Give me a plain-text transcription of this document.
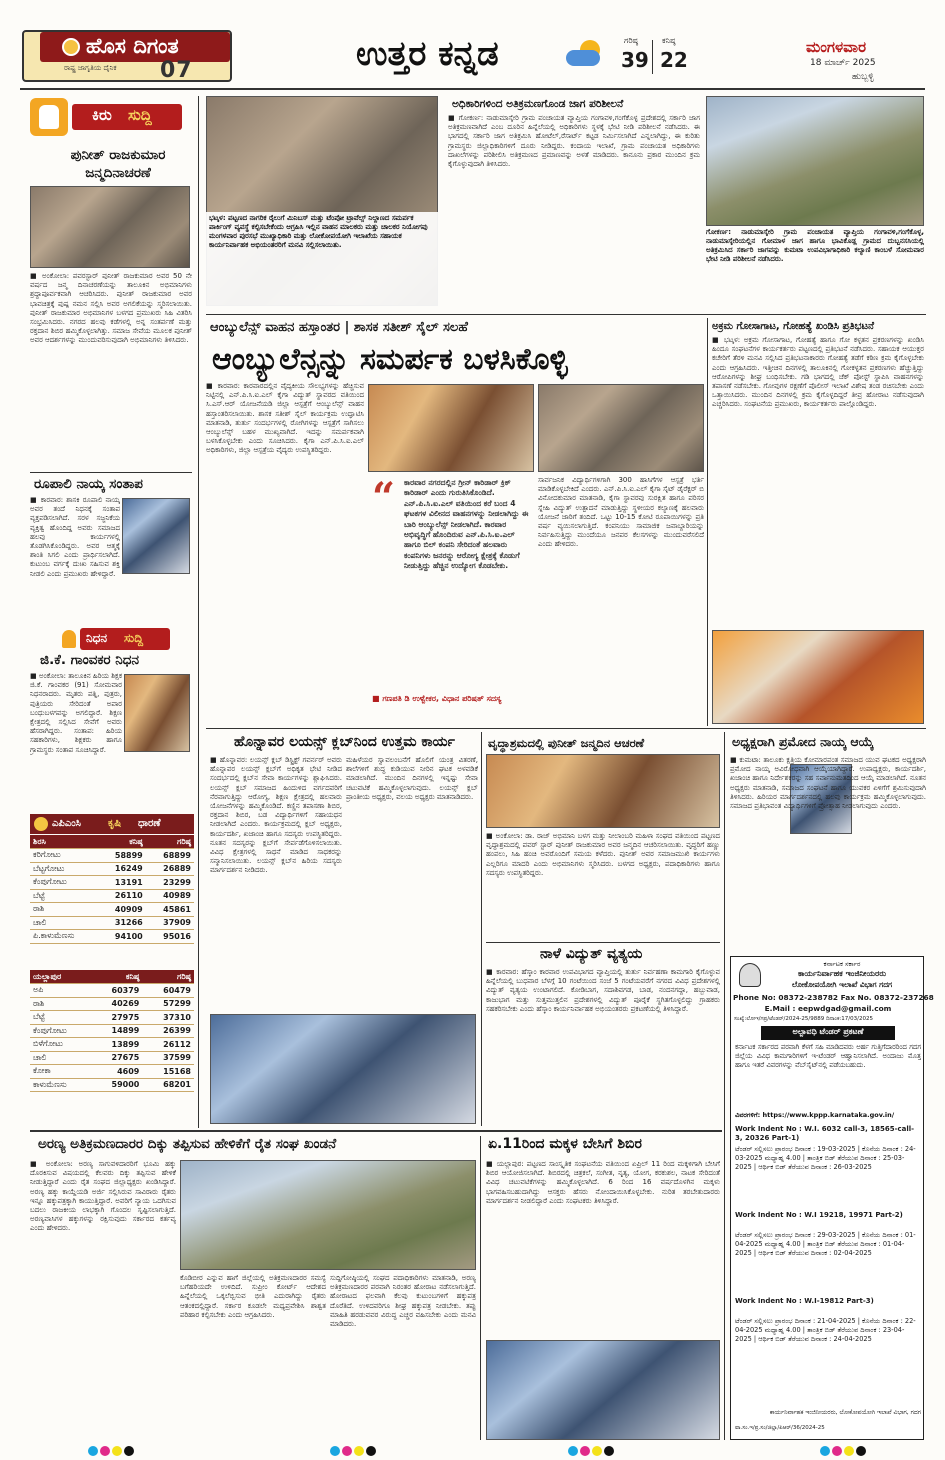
ಹೊಸ ದಿಗಂತ
ರಾಷ್ಟ್ರ ಜಾಗೃತಿಯ ದೈನಿಕ 07	ಉತ್ತರ ಕನ್ನಡ	ಗರಿಷ್ಠ
39
ಕನಿಷ್ಠ
22
ಮಂಗಳವಾರ
18 ಮಾರ್ಚ್ 2025
ಹುಬ್ಬಳ್ಳಿ
ಕಿರು ಸುದ್ದಿ
ಪುನೀತ್ ರಾಜಕುಮಾರ ಜನ್ಮದಿನಾಚರಣೆ
■ ಅಂಕೋಲಾ: ಪವರಸ್ಟಾರ್ ಪುನೀತ್ ರಾಜಕುಮಾರ ಅವರ 50 ನೇ ವರ್ಷದ ಜನ್ಮ ದಿನಾಚರಣೆಯನ್ನು ತಾಲೂಕಿನ ಅಭಿಮಾನಿಗಳು ಶ್ರದ್ಧಾಪೂರ್ವಕವಾಗಿ ಆಚರಿಸಿದರು. ಪುನೀತ್ ರಾಜಕುಮಾರ ಅವರ ಭಾವಚಿತ್ರಕ್ಕೆ ಪುಷ್ಪ ನಮನ ಸಲ್ಲಿಸಿ ಅವರ ಅಗಲಿಕೆಯನ್ನು ಸ್ಮರಿಸಲಾಯಿತು. ಪುನೀತ್ ರಾಜಕುಮಾರ ಅಭಿಮಾನಿಗಳ ಬಳಗದ ಪ್ರಮುಖರು ಸಿಹಿ ವಿತರಿಸಿ ಸಂಭ್ರಮಿಸಿದರು. ನಗರದ ಹಲವು ಕಡೆಗಳಲ್ಲಿ ಅನ್ನ ಸಂತರ್ಪಣೆ ಮತ್ತು ರಕ್ತದಾನ ಶಿಬಿರ ಹಮ್ಮಿಕೊಳ್ಳಲಾಗಿತ್ತು. ಸಮಾಜ ಸೇವೆಯ ಮೂಲಕ ಪುನೀತ್ ಅವರ ಆದರ್ಶಗಳನ್ನು ಮುಂದುವರಿಸುವುದಾಗಿ ಅಭಿಮಾನಿಗಳು ತಿಳಿಸಿದರು.
ರೂಪಾಲಿ ನಾಯ್ಕ ಸಂತಾಪ
■ ಕಾರವಾರ: ಶಾಸಕಿ ರೂಪಾಲಿ ನಾಯ್ಕ ಅವರ ತಂದೆ ನಿಧನಕ್ಕೆ ಸಂತಾಪ ವ್ಯಕ್ತಪಡಿಸಲಾಗಿದೆ. ಸರಳ ಸಜ್ಜನಿಕೆಯ ವ್ಯಕ್ತಿತ್ವ ಹೊಂದಿದ್ದ ಅವರು ಸಮಾಜದ ಹಲವು ಕಾರ್ಯಗಳಲ್ಲಿ ತೊಡಗಿಸಿಕೊಂಡಿದ್ದರು. ಅವರ ಆತ್ಮಕ್ಕೆ ಶಾಂತಿ ಸಿಗಲಿ ಎಂದು ಪ್ರಾರ್ಥಿಸಲಾಗಿದೆ. ಕುಟುಂಬ ವರ್ಗಕ್ಕೆ ದುಃಖ ಸಹಿಸುವ ಶಕ್ತಿ ನೀಡಲಿ ಎಂದು ಪ್ರಮುಖರು ಹೇಳಿದ್ದಾರೆ.
ನಿಧನ ಸುದ್ದಿ
ಜಿ.ಕೆ. ಗಾಂವಕರ ನಿಧನ
■ ಅಂಕೋಲಾ: ತಾಲೂಕಿನ ಹಿರಿಯ ಶಿಕ್ಷಕ ಜಿ.ಕೆ. ಗಾಂವಕರ (91) ಸೋಮವಾರ ನಿಧನರಾದರು. ಮೃತರು ಪತ್ನಿ, ಪುತ್ರರು, ಪುತ್ರಿಯರು ಸೇರಿದಂತೆ ಅಪಾರ ಬಂಧುಬಳಗವನ್ನು ಅಗಲಿದ್ದಾರೆ. ಶಿಕ್ಷಣ ಕ್ಷೇತ್ರದಲ್ಲಿ ಸಲ್ಲಿಸಿದ ಸೇವೆಗೆ ಅವರು ಹೆಸರಾಗಿದ್ದರು. ಸಂತಾಪ: ಹಿರಿಯ ಸಹಕಾರಿಗಳು, ಶಿಕ್ಷಕರು ಹಾಗೂ ಗ್ರಾಮಸ್ಥರು ಸಂತಾಪ ಸೂಚಿಸಿದ್ದಾರೆ.
ಎಪಿಎಂಸಿ	ಕೃಷಿ ಧಾರಣೆ
ಶಿರಸಿ	ಕನಿಷ್ಠ	ಗರಿಷ್ಠ
ಕರಿಗೋಟು	58899	68899
ಬೆಟ್ಟಗೋಟು	16249	26889
ಕೆಂಪುಗೋಟು	13191	23299
ಬೆಟ್ಟೆ	26110	40989
ರಾಶಿ	40909	45861
ಚಾಲಿ	31266	37909
ಪಿ.ಕಾಳುಮೆಣಸು	94100	95016
ಯಲ್ಲಾಪುರ	ಕನಿಷ್ಠ	ಗರಿಷ್ಠ
ಅಪಿ	60379	60479
ರಾಶಿ	40269	57299
ಬೆಟ್ಟೆ	27975	37310
ಕೆಂಪುಗೋಟು	14899	26399
ಬಿಳೆಗೋಟು	13899	26112
ಚಾಲಿ	27675	37599
ಕೋಕಾ	4609	15168
ಕಾಳುಮೆಣಸು	59000	68201
ಭಟ್ಕಳ: ಪಟ್ಟಣದ ನಾಗರಿಕ ರೈಲುಗೆ ಮಿನಿಬಸ್ ಮತ್ತು ಟೆಂಪೋ ಟ್ರಾವೆಲ್ಸ್ ನಿಲ್ದಾಣದ ಸಮರ್ಪಕ ಪಾರ್ಕಿಂಗ್ ವ್ಯವಸ್ಥೆ ಕಲ್ಪಿಸಬೇಕೆಂದು ಆಗ್ರಹಿಸಿ ಇಲ್ಲಿನ ವಾಹನ ಮಾಲಕರು ಮತ್ತು ಚಾಲಕರ ನಿಯೋಗವು ಮಂಗಳವಾರ ಪುರಸಭೆ ಮುಖ್ಯಾಧಿಕಾರಿ ಮತ್ತು ಲೋಕೋಪಯೋಗಿ ಇಲಾಖೆಯ ಸಹಾಯಕ ಕಾರ್ಯನಿರ್ವಾಹಕ ಅಭಿಯಂತರರಿಗೆ ಮನವಿ ಸಲ್ಲಿಸಲಾಯಿತು.
ಅಧಿಕಾರಿಗಳಿಂದ ಅತಿಕ್ರಮಣಗೊಂಡ ಜಾಗ ಪರಿಶೀಲನೆ
■ ಗೋಕರ್ಣ: ನಾಡುಮಾಸ್ಕೇರಿ ಗ್ರಾಮ ಪಂಚಾಯತ ವ್ಯಾಪ್ತಿಯ ಗಂಗಾವಳಿ,ಗಂಗೆಕೊಳ್ಳ ಪ್ರದೇಶದಲ್ಲಿ ಸರ್ಕಾರಿ ಜಾಗ ಅತಿಕ್ರಮಣವಾಗಿದೆ ಎಂಬ ದೂರಿನ ಹಿನ್ನೆಲೆಯಲ್ಲಿ ಅಧಿಕಾರಿಗಳು ಸ್ಥಳಕ್ಕೆ ಭೇಟಿ ನೀಡಿ ಪರಿಶೀಲನೆ ನಡೆಸಿದರು. ಈ ಭಾಗದಲ್ಲಿ ಸರ್ಕಾರಿ ಜಾಗ ಅತಿಕ್ರಮಿಸಿ ಹೋಟೆಲ್,ರೆಸಾರ್ಟ್ ಕಟ್ಟಡ ನಿರ್ಮಿಸಲಾಗಿದೆ ಎನ್ನಲಾಗಿದ್ದು, ಈ ಕುರಿತು ಗ್ರಾಮಸ್ಥರು ಜಿಲ್ಲಾಧಿಕಾರಿಗಳಿಗೆ ದೂರು ನೀಡಿದ್ದರು. ಕಂದಾಯ ಇಲಾಖೆ, ಗ್ರಾಮ ಪಂಚಾಯತ ಅಧಿಕಾರಿಗಳು ದಾಖಲೆಗಳನ್ನು ಪರಿಶೀಲಿಸಿ ಅತಿಕ್ರಮಣದ ಪ್ರಮಾಣವನ್ನು ಅಳತೆ ಮಾಡಿದರು. ಕಾನೂನು ಪ್ರಕಾರ ಮುಂದಿನ ಕ್ರಮ ಕೈಗೊಳ್ಳುವುದಾಗಿ ತಿಳಿಸಿದರು.
ಗೋಕರ್ಣ: ನಾಡುಮಾಸ್ಕೇರಿ ಗ್ರಾಮ ಪಂಚಾಯತ ವ್ಯಾಪ್ತಿಯ ಗಂಗಾವಳಿ,ಗಂಗೆಕೊಳ್ಳ, ನಾಡುಮಾಸ್ಕೇರಿಯಲ್ಲಿನ ಗೋಮಾಳ ಜಾಗ ಹಾಗೂ ಭಾವಿಕೊಡ್ಲ ಗ್ರಾಮದ ದುಬ್ಬನಸಸಿಯಲ್ಲಿ ಅತಿಕ್ರಮಿಸಿದ ಸರ್ಕಾರಿ ಜಾಗವನ್ನು ಕುಮಟಾ ಉಪವಿಭಾಗಾಧಿಕಾರಿ ಕಲ್ಯಾಣಿ ಕಾಂಬಳೆ ಸೋಮವಾರ ಭೇಟಿ ನೀಡಿ ಪರಿಶೀಲನೆ ನಡೆಸಿದರು.
ಆಂಬ್ಯುಲೆನ್ಸ್ ವಾಹನ ಹಸ್ತಾಂತರ | ಶಾಸಕ ಸತೀಶ್ ಸೈಲ್ ಸಲಹೆ
ಆಂಬ್ಯುಲೆನ್ಸನ್ನು ಸಮರ್ಪಕ ಬಳಸಿಕೊಳ್ಳಿ
■ ಕಾರವಾರ: ಕಾರವಾರದಲ್ಲಿನ ವೈದ್ಯಕೀಯ ಸೌಲಭ್ಯಗಳನ್ನು ಹೆಚ್ಚಿಸುವ ನಿಟ್ಟಿನಲ್ಲಿ ಎನ್.ಪಿ.ಸಿ.ಐ.ಎಲ್ ಕೈಗಾ ವಿದ್ಯುತ್ ಸ್ಥಾವರದ ವತಿಯಿಂದ ಸಿ.ಎಸ್.ಆರ್ ಯೋಜನೆಯಡಿ ಜಿಲ್ಲಾ ಆಸ್ಪತ್ರೆಗೆ ಆಂಬ್ಯುಲೆನ್ಸ್ ವಾಹನ ಹಸ್ತಾಂತರಿಸಲಾಯಿತು. ಶಾಸಕ ಸತೀಶ್ ಸೈಲ್ ಕಾರ್ಯಕ್ರಮ ಉದ್ಘಾಟಿಸಿ ಮಾತನಾಡಿ, ತುರ್ತು ಸಂದರ್ಭಗಳಲ್ಲಿ ರೋಗಿಗಳನ್ನು ಆಸ್ಪತ್ರೆಗೆ ಸಾಗಿಸಲು ಆಂಬ್ಯುಲೆನ್ಸ್ ಬಹಳ ಮುಖ್ಯವಾಗಿದೆ. ಇದನ್ನು ಸಮರ್ಪಕವಾಗಿ ಬಳಸಿಕೊಳ್ಳಬೇಕು ಎಂದು ಸೂಚಿಸಿದರು. ಕೈಗಾ ಎನ್.ಪಿ.ಸಿ.ಐ.ಎಲ್ ಅಧಿಕಾರಿಗಳು, ಜಿಲ್ಲಾ ಆಸ್ಪತ್ರೆಯ ವೈದ್ಯರು ಉಪಸ್ಥಿತರಿದ್ದರು.
“ ಕಾರವಾರ ನಗರದಲ್ಲಿನ ಗ್ರೀನ್ ಕಾರಿಡಾರ್ ಕ್ರಿಕ್ ಕಾರಿಡಾರ್ ಎಂದು ಗುರುತಿಸಿಕೊಂಡಿದೆ. ಎನ್.ಪಿ.ಸಿ.ಐ.ಎಲ್ ವತಿಯಿಂದ ಕರೆ ಬಂದ 4 ಘಟಕಗಳ ವಿಲೀನದ ವಾಹನಗಳನ್ನು ನೀಡಲಾಗಿದ್ದು ಈ ಬಾರಿ ಆಂಬ್ಯುಲೆನ್ಸ್ ನೀಡಲಾಗಿದೆ. ಕಾರವಾರ ಅಭಿವೃದ್ಧಿಗೆ ಹೊಂದಿರುವ ಎನ್.ಪಿ.ಸಿ.ಐ.ಎಲ್ ಹಾಗೂ ಬಿಲ್ ಕಂಪನಿ ಸೇರಿದಂತೆ ಹಲವಾರು ಕಂಪನಿಗಳು ಜನರನ್ನು ಆರೋಗ್ಯ ಕ್ಷೇತ್ರಕ್ಕೆ ಕೊಡುಗೆ ನೀಡುತ್ತಿದ್ದು ಹೆಚ್ಚಿನ ಉದ್ಯೋಗ ಕೊಡಬೇಕು.
■ ಗಣಪತಿ ಡಿ ಉಳ್ವೇಕರ, ವಿಧಾನ ಪರಿಷತ್ ಸದಸ್ಯ
ಸಾರ್ವಜನಿಕ ವಿದ್ಯಾರ್ಥಿಗಳಿಗಾಗಿ 300 ಹಾಸಿಗೆಗಳ ಆಸ್ಪತ್ರೆ ಭರ್ತಿ ಮಾಡಿಕೊಳ್ಳಬೇಕಿದೆ ಎಂದರು. ಎನ್.ಪಿ.ಸಿ.ಐ.ಎಲ್ ಕೈಗಾ ಸೈಟ್ ಡೈರೆಕ್ಟರ್ ಬಿ ವಿನೋದಕುಮಾರ ಮಾತನಾಡಿ, ಕೈಗಾ ಸ್ಥಾವರವು ಸುರಕ್ಷಿತ ಹಾಗೂ ಪರಿಸರ ಸ್ನೇಹಿ ವಿದ್ಯುತ್ ಉತ್ಪಾದನೆ ಮಾಡುತ್ತಿದ್ದು ಸ್ಥಳೀಯರ ಕಲ್ಯಾಣಕ್ಕೆ ಹಲವಾರು ಯೋಜನೆ ಜಾರಿಗೆ ತಂದಿದೆ. ಒಟ್ಟು 10-15 ಕೋಟಿ ರೂಪಾಯಿಗಳನ್ನು ಪ್ರತಿ ವರ್ಷ ವ್ಯಯಿಸಲಾಗುತ್ತಿದೆ. ಕಂಪನಿಯು ಸಾಮಾಜಿಕ ಜವಾಬ್ದಾರಿಯನ್ನು ನಿರ್ವಹಿಸುತ್ತಿದ್ದು ಮುಂದೆಯೂ ಜನಪರ ಕೆಲಸಗಳನ್ನು ಮುಂದುವರೆಸಲಿದೆ ಎಂದು ಹೇಳಿದರು.
ಅಕ್ರಮ ಗೋಸಾಗಾಟ, ಗೋಹತ್ಯೆ ಖಂಡಿಸಿ ಪ್ರತಿಭಟನೆ
■ ಭಟ್ಕಳ: ಅಕ್ರಮ ಗೋಸಾಗಾಟ, ಗೋಹತ್ಯೆ ಹಾಗೂ ಗೋ ಕಳ್ಳತನ ಪ್ರಕರಣಗಳನ್ನು ಖಂಡಿಸಿ ಹಿಂದೂ ಸಂಘಟನೆಗಳ ಕಾರ್ಯಕರ್ತರು ಪಟ್ಟಣದಲ್ಲಿ ಪ್ರತಿಭಟನೆ ನಡೆಸಿದರು. ಸಹಾಯಕ ಆಯುಕ್ತರ ಕಚೇರಿಗೆ ತೆರಳಿ ಮನವಿ ಸಲ್ಲಿಸಿದ ಪ್ರತಿಭಟನಾಕಾರರು ಗೋಹತ್ಯೆ ತಡೆಗೆ ಕಠಿಣ ಕ್ರಮ ಕೈಗೊಳ್ಳಬೇಕು ಎಂದು ಆಗ್ರಹಿಸಿದರು. ಇತ್ತೀಚಿನ ದಿನಗಳಲ್ಲಿ ತಾಲೂಕಿನಲ್ಲಿ ಗೋಕಳ್ಳತನ ಪ್ರಕರಣಗಳು ಹೆಚ್ಚುತ್ತಿದ್ದು ಆರೋಪಿಗಳನ್ನು ಶೀಘ್ರ ಬಂಧಿಸಬೇಕು. ಗಡಿ ಭಾಗದಲ್ಲಿ ಚೆಕ್ ಪೋಸ್ಟ್ ಸ್ಥಾಪಿಸಿ ವಾಹನಗಳನ್ನು ತಪಾಸಣೆ ನಡೆಸಬೇಕು. ಗೋವುಗಳ ರಕ್ಷಣೆಗೆ ಪೊಲೀಸ್ ಇಲಾಖೆ ವಿಶೇಷ ತಂಡ ರಚಿಸಬೇಕು ಎಂದು ಒತ್ತಾಯಿಸಿದರು. ಮುಂದಿನ ದಿನಗಳಲ್ಲಿ ಕ್ರಮ ಕೈಗೊಳ್ಳದಿದ್ದರೆ ತೀವ್ರ ಹೋರಾಟ ನಡೆಸುವುದಾಗಿ ಎಚ್ಚರಿಸಿದರು. ಸಂಘಟನೆಯ ಪ್ರಮುಖರು, ಕಾರ್ಯಕರ್ತರು ಪಾಲ್ಗೊಂಡಿದ್ದರು.
ಹೊನ್ನಾವರ ಲಯನ್ಸ್ ಕ್ಲಬ್‌ನಿಂದ ಉತ್ತಮ ಕಾರ್ಯ
■ ಹೊನ್ನಾವರ: ಲಯನ್ಸ್ ಕ್ಲಬ್ ಡಿಸ್ಟ್ರಿಕ್ಟ್ ಗವರ್ನರ್ ಅವರು ಹೊನ್ನಾವರ ಲಯನ್ಸ್ ಕ್ಲಬ್‌ಗೆ ಅಧಿಕೃತ ಭೇಟಿ ನೀಡಿದ ಸಂದರ್ಭದಲ್ಲಿ ಕ್ಲಬ್‌ನ ಸೇವಾ ಕಾರ್ಯಗಳನ್ನು ಶ್ಲಾಘಿಸಿದರು. ಲಯನ್ಸ್ ಕ್ಲಬ್ ಸಮಾಜದ ಹಿಂದುಳಿದ ವರ್ಗದವರಿಗೆ ನೆರವಾಗುತ್ತಿದ್ದು ಆರೋಗ್ಯ, ಶಿಕ್ಷಣ ಕ್ಷೇತ್ರದಲ್ಲಿ ಹಲವಾರು ಯೋಜನೆಗಳನ್ನು ಹಮ್ಮಿಕೊಂಡಿದೆ. ಕಣ್ಣಿನ ತಪಾಸಣಾ ಶಿಬಿರ, ರಕ್ತದಾನ ಶಿಬಿರ, ಬಡ ವಿದ್ಯಾರ್ಥಿಗಳಿಗೆ ಸಹಾಯಧನ ನೀಡಲಾಗಿದೆ ಎಂದರು. ಕಾರ್ಯಕ್ರಮದಲ್ಲಿ ಕ್ಲಬ್ ಅಧ್ಯಕ್ಷರು, ಕಾರ್ಯದರ್ಶಿ, ಖಜಾಂಚಿ ಹಾಗೂ ಸದಸ್ಯರು ಉಪಸ್ಥಿತರಿದ್ದರು. ನೂತನ ಸದಸ್ಯರನ್ನು ಕ್ಲಬ್‌ಗೆ ಸೇರ್ಪಡೆಗೊಳಿಸಲಾಯಿತು. ವಿವಿಧ ಕ್ಷೇತ್ರಗಳಲ್ಲಿ ಸಾಧನೆ ಮಾಡಿದ ಸಾಧಕರನ್ನು ಸನ್ಮಾನಿಸಲಾಯಿತು. ಲಯನ್ಸ್ ಕ್ಲಬ್‌ನ ಹಿರಿಯ ಸದಸ್ಯರು ಮಾರ್ಗದರ್ಶನ ನೀಡಿದರು.
ಮಹಿಳೆಯರ ಸ್ವಾವಲಂಬನೆಗೆ ಹೊಲಿಗೆ ಯಂತ್ರ ವಿತರಣೆ, ಶಾಲೆಗಳಿಗೆ ಶುದ್ಧ ಕುಡಿಯುವ ನೀರಿನ ಘಟಕ ಅಳವಡಿಕೆ ಮಾಡಲಾಗಿದೆ. ಮುಂದಿನ ದಿನಗಳಲ್ಲಿ ಇನ್ನಷ್ಟು ಸೇವಾ ಚಟುವಟಿಕೆ ಹಮ್ಮಿಕೊಳ್ಳಲಾಗುವುದು. ಲಯನ್ಸ್ ಕ್ಲಬ್ ಪ್ರಾಂತೀಯ ಅಧ್ಯಕ್ಷರು, ವಲಯ ಅಧ್ಯಕ್ಷರು ಮಾತನಾಡಿದರು.
ವೃದ್ಧಾಶ್ರಮದಲ್ಲಿ ಪುನೀತ್ ಜನ್ಮದಿನ ಆಚರಣೆ
■ ಅಂಕೋಲಾ: ಡಾ. ರಾಜ್ ಅಭಿಮಾನಿ ಬಳಗ ಮತ್ತು ನೀಲಾಂಬರಿ ಮಹಿಳಾ ಸಂಘದ ವತಿಯಿಂದ ಪಟ್ಟಣದ ವೃದ್ಧಾಶ್ರಮದಲ್ಲಿ ಪವರ್ ಸ್ಟಾರ್ ಪುನೀತ್ ರಾಜಕುಮಾರ ಅವರ ಜನ್ಮದಿನ ಆಚರಿಸಲಾಯಿತು. ವೃದ್ಧರಿಗೆ ಹಣ್ಣು ಹಂಪಲು, ಸಿಹಿ ಹಂಚಿ ಅವರೊಂದಿಗೆ ಸಮಯ ಕಳೆದರು. ಪುನೀತ್ ಅವರ ಸಮಾಜಮುಖಿ ಕಾರ್ಯಗಳು ಎಲ್ಲರಿಗೂ ಮಾದರಿ ಎಂದು ಅಭಿಮಾನಿಗಳು ಸ್ಮರಿಸಿದರು. ಬಳಗದ ಅಧ್ಯಕ್ಷರು, ಪದಾಧಿಕಾರಿಗಳು ಹಾಗೂ ಸದಸ್ಯರು ಉಪಸ್ಥಿತರಿದ್ದರು.
ನಾಳೆ ವಿದ್ಯುತ್ ವ್ಯತ್ಯಯ
■ ಕಾರವಾರ: ಹೆಸ್ಕಾಂ ಕಾರವಾರ ಉಪವಿಭಾಗದ ವ್ಯಾಪ್ತಿಯಲ್ಲಿ ತುರ್ತು ನಿರ್ವಹಣಾ ಕಾಮಗಾರಿ ಕೈಗೊಳ್ಳುವ ಹಿನ್ನೆಲೆಯಲ್ಲಿ ಬುಧವಾರ ಬೆಳಗ್ಗೆ 10 ಗಂಟೆಯಿಂದ ಸಂಜೆ 5 ಗಂಟೆಯವರೆಗೆ ನಗರದ ವಿವಿಧ ಪ್ರದೇಶಗಳಲ್ಲಿ ವಿದ್ಯುತ್ ವ್ಯತ್ಯಯ ಉಂಟಾಗಲಿದೆ. ಕೋಡಿಬಾಗ, ಸದಾಶಿವಗಡ, ಬಾಡ, ನಂದನಗದ್ದಾ, ಹಬ್ಬುವಾಡ, ಕಾಜುಭಾಗ ಮತ್ತು ಸುತ್ತಮುತ್ತಲಿನ ಪ್ರದೇಶಗಳಲ್ಲಿ ವಿದ್ಯುತ್ ಪೂರೈಕೆ ಸ್ಥಗಿತಗೊಳ್ಳಲಿದ್ದು ಗ್ರಾಹಕರು ಸಹಕರಿಸಬೇಕು ಎಂದು ಹೆಸ್ಕಾಂ ಕಾರ್ಯನಿರ್ವಾಹಕ ಅಭಿಯಂತರರು ಪ್ರಕಟಣೆಯಲ್ಲಿ ತಿಳಿಸಿದ್ದಾರೆ.
ಅಧ್ಯಕ್ಷರಾಗಿ ಪ್ರಮೋದ ನಾಯ್ಕ ಆಯ್ಕೆ
■ ಕುಮಟಾ: ತಾಲೂಕು ಕ್ಷತ್ರಿಯ ಕೋಮಾರಪಂತ ಸಮಾಜದ ಯುವ ಘಟಕದ ಅಧ್ಯಕ್ಷರಾಗಿ ಪ್ರಮೋದ ನಾಯ್ಕ ಅವಿರೋಧವಾಗಿ ಆಯ್ಕೆಯಾಗಿದ್ದಾರೆ. ಉಪಾಧ್ಯಕ್ಷರು, ಕಾರ್ಯದರ್ಶಿ, ಖಜಾಂಚಿ ಹಾಗೂ ನಿರ್ದೇಶಕರನ್ನು ಸಹ ಸರ್ವಾನುಮತದಿಂದ ಆಯ್ಕೆ ಮಾಡಲಾಗಿದೆ. ನೂತನ ಅಧ್ಯಕ್ಷರು ಮಾತನಾಡಿ, ಸಮಾಜದ ಸಂಘಟನೆ ಹಾಗೂ ಯುವಕರ ಏಳಿಗೆಗೆ ಶ್ರಮಿಸುವುದಾಗಿ ತಿಳಿಸಿದರು. ಹಿರಿಯರ ಮಾರ್ಗದರ್ಶನದಲ್ಲಿ ಹಲವು ಕಾರ್ಯಕ್ರಮ ಹಮ್ಮಿಕೊಳ್ಳಲಾಗುವುದು. ಸಮಾಜದ ಪ್ರತಿಭಾವಂತ ವಿದ್ಯಾರ್ಥಿಗಳಿಗೆ ಪ್ರೋತ್ಸಾಹ ನೀಡಲಾಗುವುದು ಎಂದರು.
ಕರ್ನಾಟಕ ಸರ್ಕಾರ
ಕಾರ್ಯನಿರ್ವಾಹಕ ಇಂಜಿನೀಯರರು
ಲೋಕೋಪಯೋಗಿ ಇಲಾಖೆ ವಿಭಾಗ ಗದಗ
Phone No: 08372-238782 Fax No. 08372-237268
E.Mail : eepwdgad@gmail.com
ಸಂಖ್ಯೆ:ಲೋಇ/ಗಪ್ರ/ಟೆಂಡರ್/2024-25/9889 ದಿನಾಂಕ:17/03/2025
ಅಲ್ಪಾವಧಿ ಟೆಂಡರ್ ಪ್ರಕಟಣೆ
ಕರ್ನಾಟಕ ಸರ್ಕಾರದ ಪರವಾಗಿ ಕೆಳಗೆ ಸಹಿ ಮಾಡಿದವರು ಅರ್ಹ ಗುತ್ತಿಗೆದಾರರಿಂದ ಗದಗ ಜಿಲ್ಲೆಯ ವಿವಿಧ ಕಾಮಗಾರಿಗಳಿಗೆ ಇ-ಟೆಂಡರ್ ಆಹ್ವಾನಿಸಲಾಗಿದೆ. ಅಂದಾಜು ಮೊತ್ತ ಹಾಗೂ ಇತರೆ ವಿವರಗಳನ್ನು ವೆಬ್‌ಸೈಟ್‌ನಲ್ಲಿ ಪಡೆಯಬಹುದು.
ವಿವರಗಳಿಗೆ: https://www.kppp.karnataka.gov.in/
Work Indent No : W.I. 6032 call-3, 18565-call-3, 20326 Part-1)
ಟೆಂಡರ್ ಸಲ್ಲಿಸಲು ಪ್ರಾರಂಭ ದಿನಾಂಕ : 19-03-2025 | ಕೊನೆಯ ದಿನಾಂಕ : 24-03-2025 ಮಧ್ಯಾಹ್ನ 4.00 | ತಾಂತ್ರಿಕ ಬಿಡ್ ತೆರೆಯುವ ದಿನಾಂಕ : 25-03-2025 | ಆರ್ಥಿಕ ಬಿಡ್ ತೆರೆಯುವ ದಿನಾಂಕ : 26-03-2025
Work Indent No : W.I 19218, 19971 Part-2)
ಟೆಂಡರ್ ಸಲ್ಲಿಸಲು ಪ್ರಾರಂಭ ದಿನಾಂಕ : 29-03-2025 | ಕೊನೆಯ ದಿನಾಂಕ : 01-04-2025 ಮಧ್ಯಾಹ್ನ 4.00 | ತಾಂತ್ರಿಕ ಬಿಡ್ ತೆರೆಯುವ ದಿನಾಂಕ : 01-04-2025 | ಆರ್ಥಿಕ ಬಿಡ್ ತೆರೆಯುವ ದಿನಾಂಕ : 02-04-2025
Work Indent No : W.I-19812 Part-3)
ಟೆಂಡರ್ ಸಲ್ಲಿಸಲು ಪ್ರಾರಂಭ ದಿನಾಂಕ : 21-04-2025 | ಕೊನೆಯ ದಿನಾಂಕ : 22-04-2025 ಮಧ್ಯಾಹ್ನ 4.00 | ತಾಂತ್ರಿಕ ಬಿಡ್ ತೆರೆಯುವ ದಿನಾಂಕ : 23-04-2025 | ಆರ್ಥಿಕ ಬಿಡ್ ತೆರೆಯುವ ದಿನಾಂಕ : 24-04-2025
ಕಾರ್ಯನಿರ್ವಾಹಕ ಇಂಜಿನೀಯರರು, ಲೋಕೋಪಯೋಗಿ ಇಲಾಖೆ ವಿಭಾಗ, ಗದಗ
ವಾ.ಸಂ.ಇ/ಪ್ರ.ಸಂ/ಜಿಲ್ಲಾ/ಪಿಆರ್/36/2024-25
ಅರಣ್ಯ ಅತಿಕ್ರಮಣದಾರರ ದಿಕ್ಕು ತಪ್ಪಿಸುವ ಹೇಳಿಕೆಗೆ ರೈತ ಸಂಘ ಖಂಡನೆ
■ ಅಂಕೋಲಾ: ಅರಣ್ಯ ಸಾಗುವಳಿದಾರರಿಗೆ ಭೂಮಿ ಹಕ್ಕು ದೊರಕಿಸುವ ವಿಷಯದಲ್ಲಿ ಕೆಲವರು ದಿಕ್ಕು ತಪ್ಪಿಸುವ ಹೇಳಿಕೆ ನೀಡುತ್ತಿದ್ದಾರೆ ಎಂದು ರೈತ ಸಂಘದ ಜಿಲ್ಲಾಧ್ಯಕ್ಷರು ಖಂಡಿಸಿದ್ದಾರೆ. ಅರಣ್ಯ ಹಕ್ಕು ಕಾಯ್ದೆಯಡಿ ಅರ್ಜಿ ಸಲ್ಲಿಸಿರುವ ಸಾವಿರಾರು ರೈತರು ಇನ್ನೂ ಹಕ್ಕುಪತ್ರಕ್ಕಾಗಿ ಕಾಯುತ್ತಿದ್ದಾರೆ. ಅವರಿಗೆ ನ್ಯಾಯ ಒದಗಿಸುವ ಬದಲು ರಾಜಕೀಯ ಲಾಭಕ್ಕಾಗಿ ಗೊಂದಲ ಸೃಷ್ಟಿಸಲಾಗುತ್ತಿದೆ. ಅರಣ್ಯವಾಸಿಗಳ ಹಕ್ಕುಗಳನ್ನು ರಕ್ಷಿಸುವುದು ಸರ್ಕಾರದ ಕರ್ತವ್ಯ ಎಂದು ಹೇಳಿದರು.
ಕೊಡಿಬೀರ ಎನ್ನುವ ಹಾಗೆ ಜಿಲ್ಲೆಯಲ್ಲಿ ಅತಿಕ್ರಮಣದಾರರ ಸಮಸ್ಯೆ ಬಗೆಹರಿಯದೇ ಉಳಿದಿದೆ. ಸುಪ್ರೀಂ ಕೋರ್ಟ್ ಆದೇಶದ ಹಿನ್ನೆಲೆಯಲ್ಲಿ ಒಕ್ಕಲೆಬ್ಬಿಸುವ ಭೀತಿ ಎದುರಾಗಿದ್ದು ರೈತರು ಆತಂಕದಲ್ಲಿದ್ದಾರೆ. ಸರ್ಕಾರ ಕೂಡಲೇ ಮಧ್ಯಪ್ರವೇಶಿಸಿ ಶಾಶ್ವತ ಪರಿಹಾರ ಕಲ್ಪಿಸಬೇಕು ಎಂದು ಆಗ್ರಹಿಸಿದರು.
ಸುದ್ದಿಗೋಷ್ಠಿಯಲ್ಲಿ ಸಂಘದ ಪದಾಧಿಕಾರಿಗಳು ಮಾತನಾಡಿ, ಅರಣ್ಯ ಅತಿಕ್ರಮಣದಾರರ ಪರವಾಗಿ ನಿರಂತರ ಹೋರಾಟ ನಡೆಸಲಾಗುತ್ತಿದೆ. ಹೋರಾಟದ ಫಲವಾಗಿ ಕೆಲವು ಕುಟುಂಬಗಳಿಗೆ ಹಕ್ಕುಪತ್ರ ದೊರೆತಿದೆ. ಉಳಿದವರಿಗೂ ಶೀಘ್ರ ಹಕ್ಕುಪತ್ರ ನೀಡಬೇಕು. ತಪ್ಪು ಮಾಹಿತಿ ಹರಡುವವರ ವಿರುದ್ಧ ಎಚ್ಚರ ವಹಿಸಬೇಕು ಎಂದು ಮನವಿ ಮಾಡಿದರು.
ಏ.11ರಿಂದ ಮಕ್ಕಳ ಬೇಸಿಗೆ ಶಿಬಿರ
■ ಯಲ್ಲಾಪುರ: ಪಟ್ಟಣದ ಸಾಂಸ್ಕೃತಿಕ ಸಂಘಟನೆಯ ವತಿಯಿಂದ ಏಪ್ರಿಲ್ 11 ರಿಂದ ಮಕ್ಕಳಿಗಾಗಿ ಬೇಸಿಗೆ ಶಿಬಿರ ಆಯೋಜಿಸಲಾಗಿದೆ. ಶಿಬಿರದಲ್ಲಿ ಚಿತ್ರಕಲೆ, ಸಂಗೀತ, ನೃತ್ಯ, ಯೋಗ, ಕರಕುಶಲ, ನಾಟಕ ಸೇರಿದಂತೆ ವಿವಿಧ ಚಟುವಟಿಕೆಗಳನ್ನು ಹಮ್ಮಿಕೊಳ್ಳಲಾಗಿದೆ. 6 ರಿಂದ 16 ವರ್ಷದೊಳಗಿನ ಮಕ್ಕಳು ಭಾಗವಹಿಸಬಹುದಾಗಿದ್ದು ಆಸಕ್ತರು ಹೆಸರು ನೋಂದಾಯಿಸಿಕೊಳ್ಳಬೇಕು. ನುರಿತ ತರಬೇತುದಾರರು ಮಾರ್ಗದರ್ಶನ ನೀಡಲಿದ್ದಾರೆ ಎಂದು ಸಂಘಟಕರು ತಿಳಿಸಿದ್ದಾರೆ.
